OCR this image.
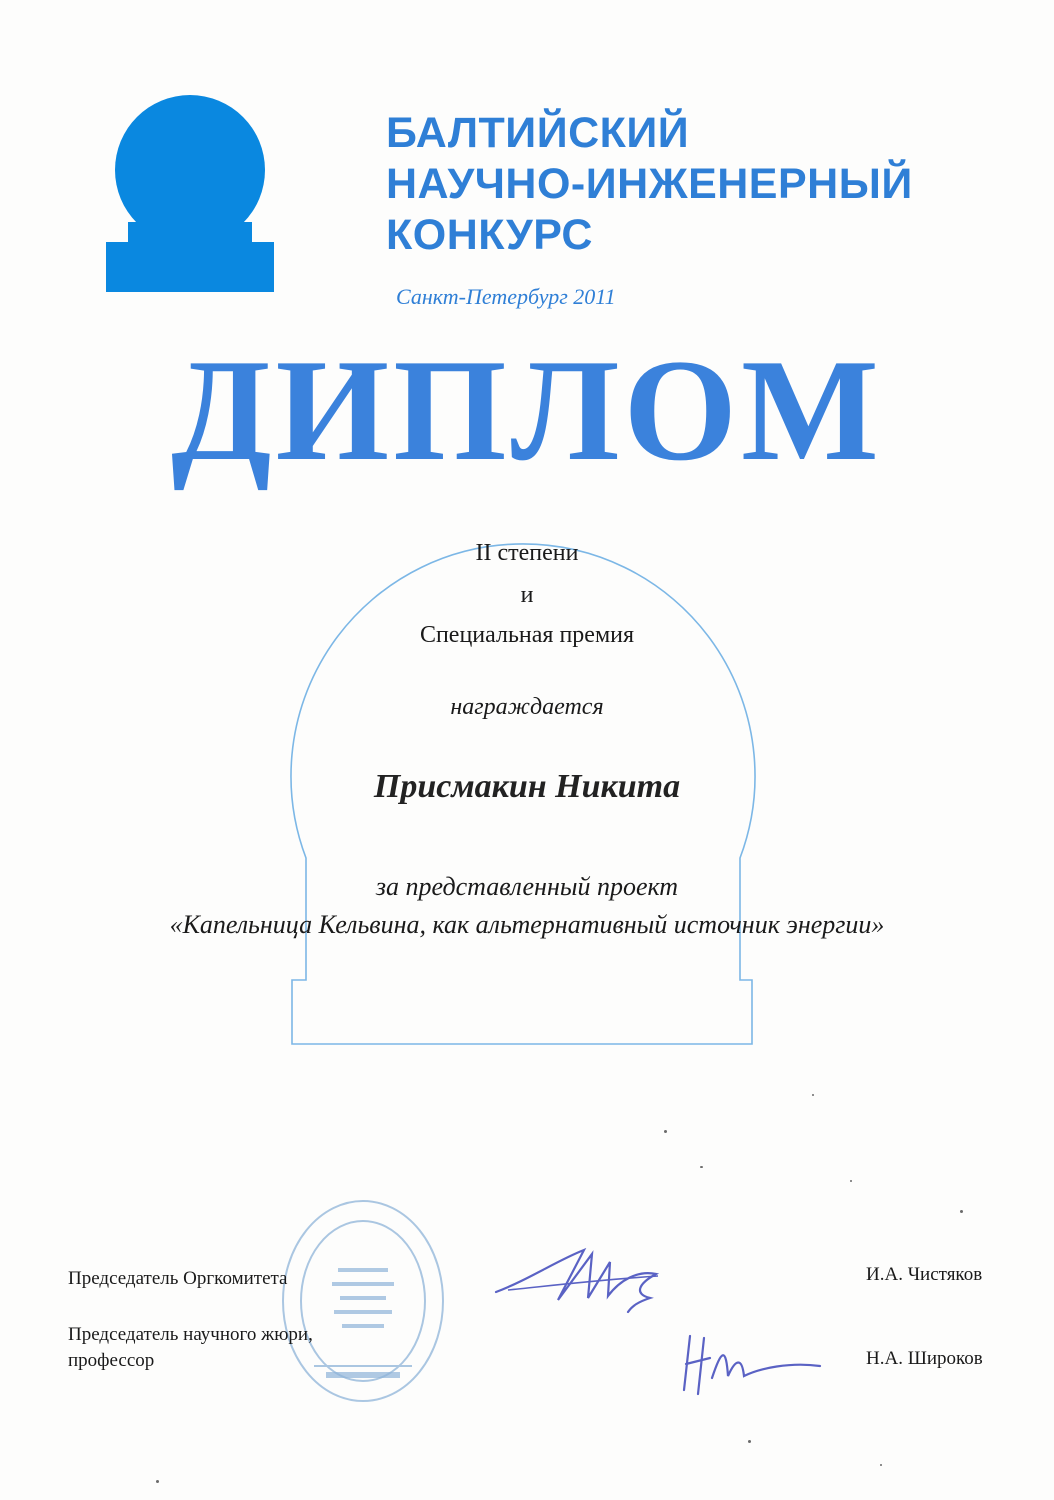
БАЛТИЙСКИЙ
НАУЧНО-ИНЖЕНЕРНЫЙ
КОНКУРС
Санкт-Петербург 2011
ДИПЛОМ
II степени
и
Специальная премия
награждается
Присмакин Никита
за представленный проект
«Капельница Кельвина, как альтернативный источник энергии»
Председатель Оргкомитета	И.А. Чистяков
Председатель научного жюри,
профессор	Н.А. Широков
